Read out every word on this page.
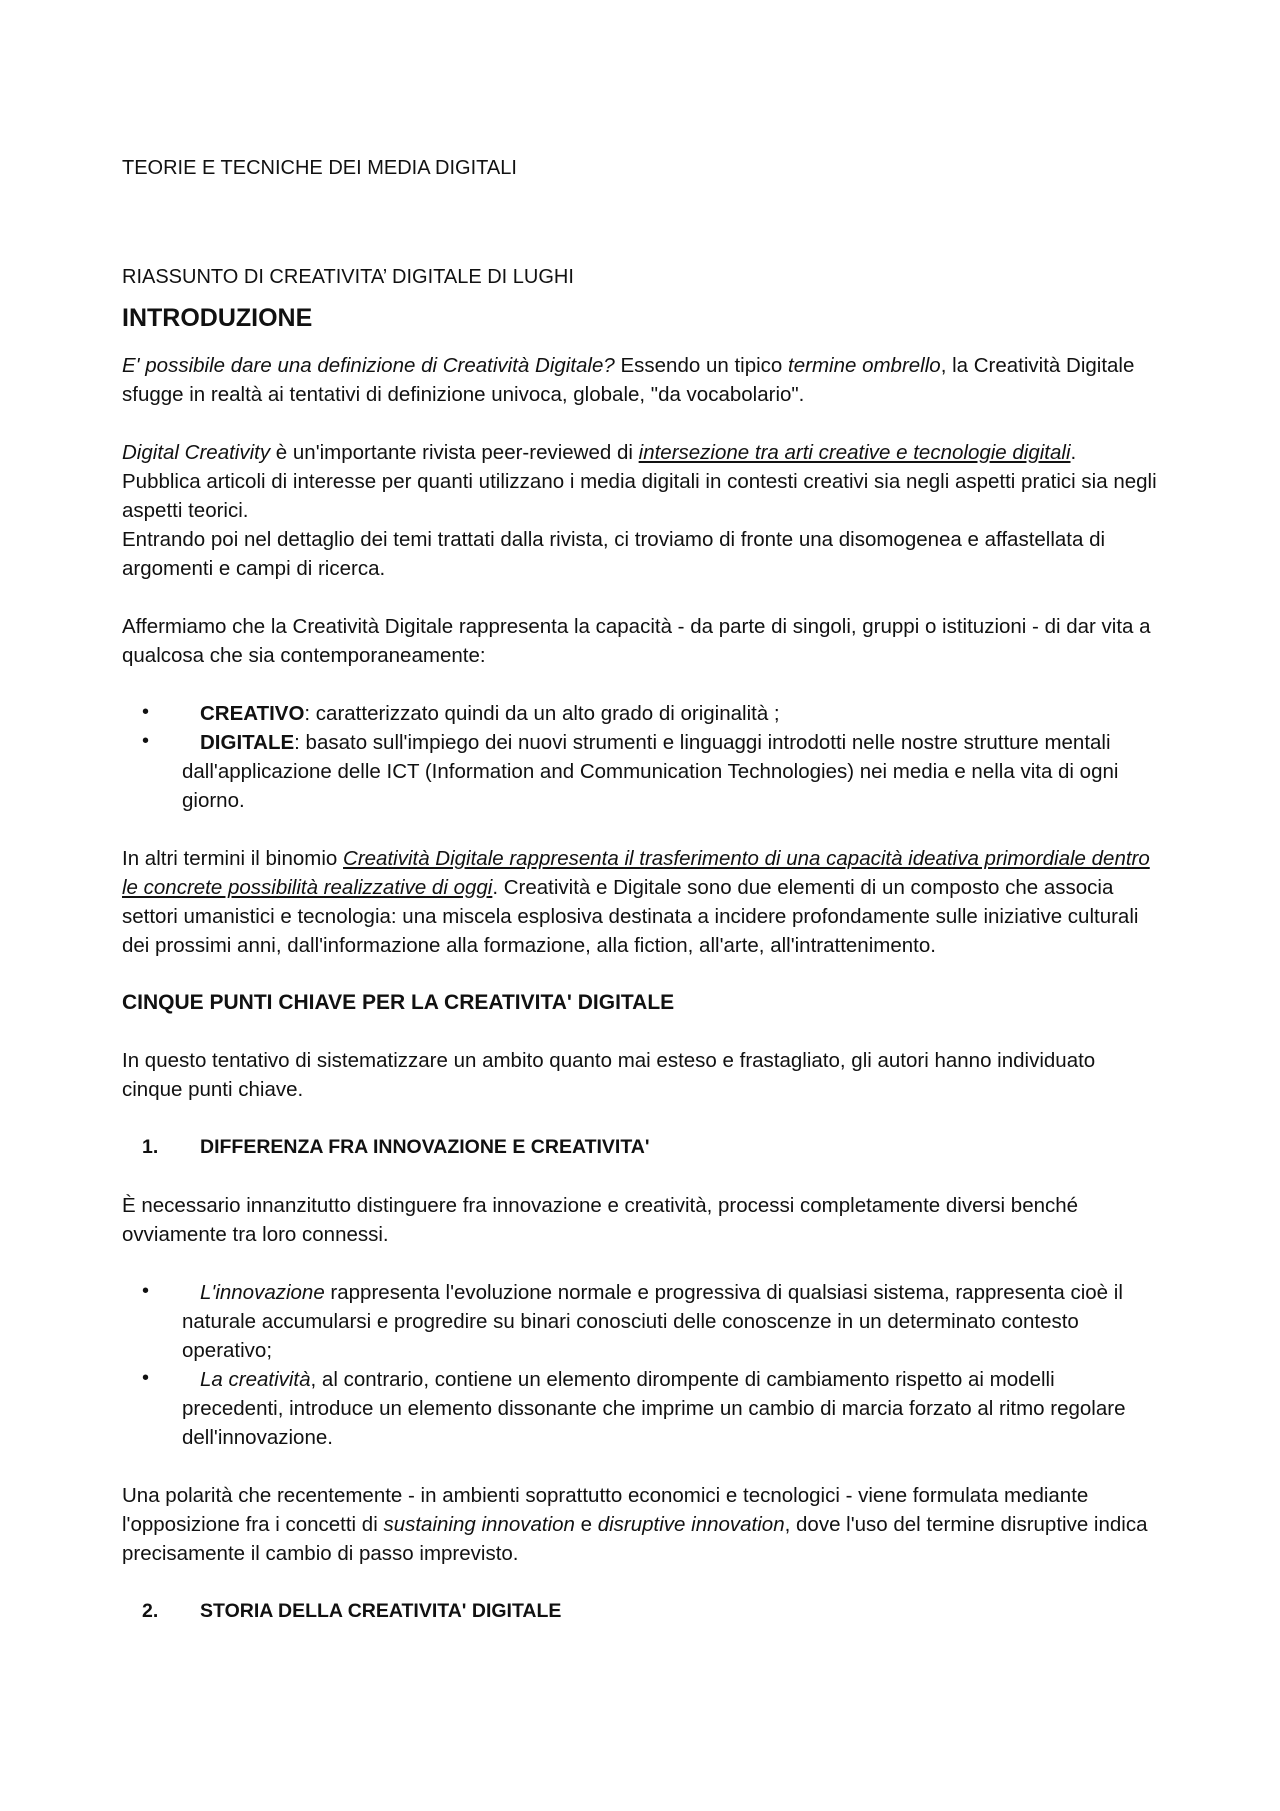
TEORIE E TECNICHE DEI MEDIA DIGITALI

RIASSUNTO DI CREATIVITA’ DIGITALE DI LUGHI

INTRODUZIONE

E' possibile dare una definizione di Creatività Digitale? Essendo un tipico termine ombrello, la Creatività Digitale sfugge in realtà ai tentativi di definizione univoca, globale, "da vocabolario".

Digital Creativity è un'importante rivista peer-reviewed di intersezione tra arti creative e tecnologie digitali.
Pubblica articoli di interesse per quanti utilizzano i media digitali in contesti creativi sia negli aspetti pratici sia negli aspetti teorici.
Entrando poi nel dettaglio dei temi trattati dalla rivista, ci troviamo di fronte una disomogenea e affastellata di argomenti e campi di ricerca.

Affermiamo che la Creatività Digitale rappresenta la capacità - da parte di singoli, gruppi o istituzioni - di dar vita a qualcosa che sia contemporaneamente:

• CREATIVO: caratterizzato quindi da un alto grado di originalità ;
• DIGITALE: basato sull'impiego dei nuovi strumenti e linguaggi introdotti nelle nostre strutture mentali dall'applicazione delle ICT (Information and Communication Technologies) nei media e nella vita di ogni giorno.

In altri termini il binomio Creatività Digitale rappresenta il trasferimento di una capacità ideativa primordiale dentro le concrete possibilità realizzative di oggi. Creatività e Digitale sono due elementi di un composto che associa settori umanistici e tecnologia: una miscela esplosiva destinata a incidere profondamente sulle iniziative culturali dei prossimi anni, dall'informazione alla formazione, alla fiction, all'arte, all'intrattenimento.

CINQUE PUNTI CHIAVE PER LA CREATIVITA' DIGITALE

In questo tentativo di sistematizzare un ambito quanto mai esteso e frastagliato, gli autori hanno individuato cinque punti chiave.

1. DIFFERENZA FRA INNOVAZIONE E CREATIVITA'

È necessario innanzitutto distinguere fra innovazione e creatività, processi completamente diversi benché ovviamente tra loro connessi.

• L'innovazione rappresenta l'evoluzione normale e progressiva di qualsiasi sistema, rappresenta cioè il naturale accumularsi e progredire su binari conosciuti delle conoscenze in un determinato contesto operativo;
• La creatività, al contrario, contiene un elemento dirompente di cambiamento rispetto ai modelli precedenti, introduce un elemento dissonante che imprime un cambio di marcia forzato al ritmo regolare dell'innovazione.

Una polarità che recentemente - in ambienti soprattutto economici e tecnologici - viene formulata mediante l'opposizione fra i concetti di sustaining innovation e disruptive innovation, dove l'uso del termine disruptive indica precisamente il cambio di passo imprevisto.

2. STORIA DELLA CREATIVITA' DIGITALE
